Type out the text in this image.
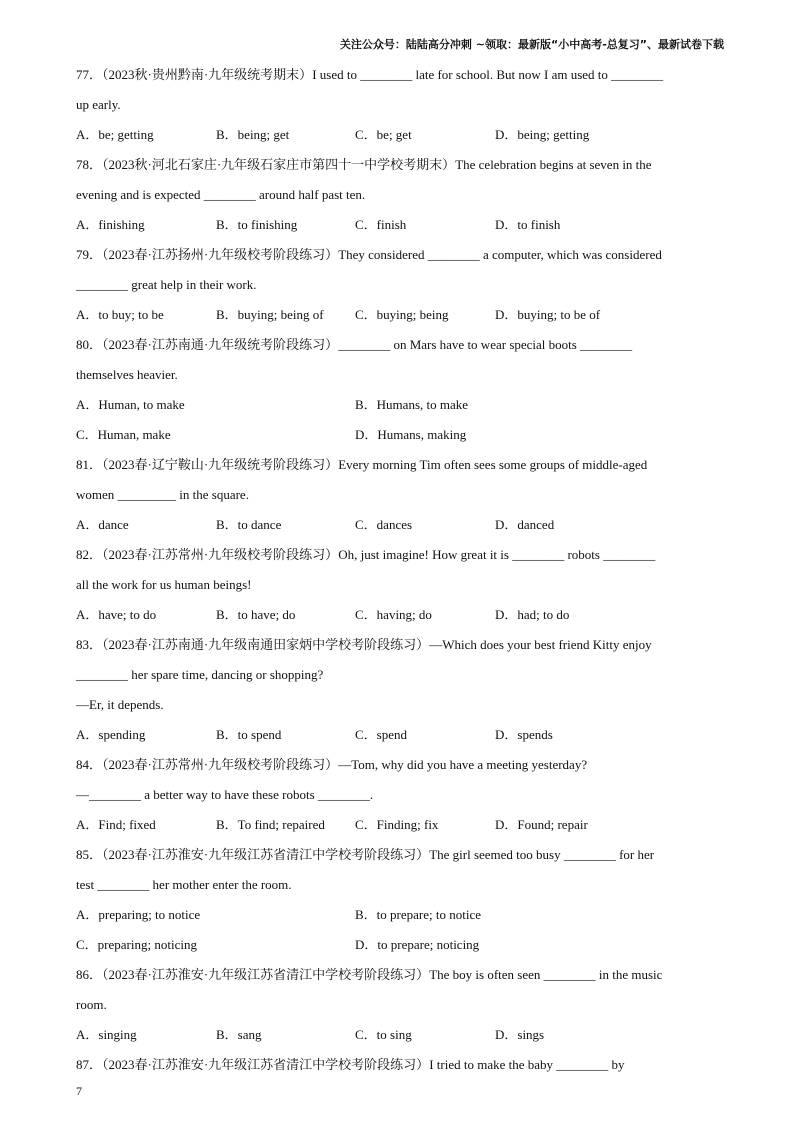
关注公众号：陆陆高分冲刺 ~领取：最新版“小中高考-总复习”、最新试卷下载
77．（2023秋·贵州黔南·九年级统考期末）I used to ________ late for school. But now I am used to ________
up early.
A．be; getting	B．being; get	C．be; get	D．being; getting
78．（2023秋·河北石家庄·九年级石家庄市第四十一中学校考期末）The celebration begins at seven in the
evening and is expected ________ around half past ten.
A．finishing	B．to finishing	C．finish	D．to finish
79．（2023春·江苏扬州·九年级校考阶段练习）They considered ________ a computer, which was considered
________ great help in their work.
A．to buy; to be	B．buying; being of C．buying; being	D．buying; to be of
80．（2023春·江苏南通·九年级统考阶段练习）________ on Mars have to wear special boots ________
themselves heavier.
A．Human, to make	B．Humans, to make
C．Human, make	D．Humans, making
81．（2023春·辽宁鞍山·九年级统考阶段练习）Every morning Tim often sees some groups of middle-aged
women _________ in the square.
A．dance	B．to dance	C．dances	D．danced
82．（2023春·江苏常州·九年级校考阶段练习）Oh, just imagine! How great it is ________ robots ________
all the work for us human beings!
A．have; to do	B．to have; do	C．having; do	D．had; to do
83．（2023春·江苏南通·九年级南通田家炳中学校考阶段练习）—Which does your best friend Kitty enjoy
________ her spare time, dancing or shopping?
—Er, it depends.
A．spending	B．to spend	C．spend	D．spends
84．（2023春·江苏常州·九年级校考阶段练习）—Tom, why did you have a meeting yesterday?
—________ a better way to have these robots ________.
A．Find; fixed	B．To find; repaired C．Finding; fix	D．Found; repair
85．（2023春·江苏淮安·九年级江苏省清江中学校考阶段练习）The girl seemed too busy ________ for her
test ________ her mother enter the room.
A．preparing; to notice	B．to prepare; to notice
C．preparing; noticing	D．to prepare; noticing
86．（2023春·江苏淮安·九年级江苏省清江中学校考阶段练习）The boy is often seen ________ in the music
room.
A．singing	B．sang	C．to sing	D．sings
87．（2023春·江苏淮安·九年级江苏省清江中学校考阶段练习）I tried to make the baby ________ by
7
